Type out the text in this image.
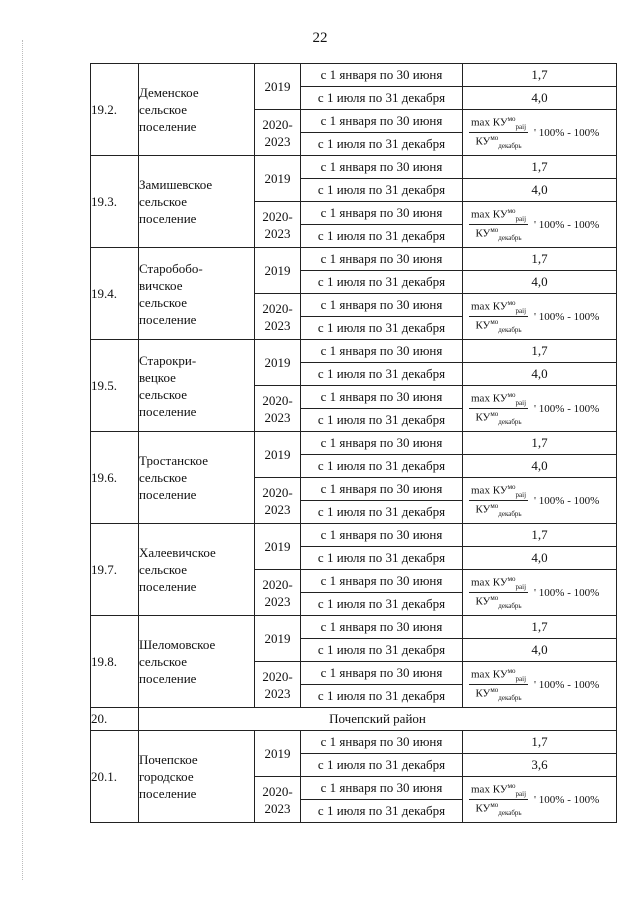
22
19.2.	Деменское
сельское
поселение	2019	с 1 января по 30 июня	1,7
			с 1 июля по 31 декабря	4,0
		2020-
2023	с 1 января по 30 июня	$\frac{\max КУ^{мо}_{раij}}{КУ^{мо}_{декабрь}}$ ' 100% - 100%

			с 1 июля по 31 декабря	
19.3.	Замишевское
сельское
поселение	2019	с 1 января по 30 июня	1,7
			с 1 июля по 31 декабря	4,0
		2020-
2023	с 1 января по 30 июня	$\frac{\max КУ^{мо}_{раij}}{КУ^{мо}_{декабрь}}$ ' 100% - 100%

			с 1 июля по 31 декабря	
19.4.	Старобобо-
вичское
сельское
поселение	2019	с 1 января по 30 июня	1,7
			с 1 июля по 31 декабря	4,0
		2020-
2023	с 1 января по 30 июня	$\frac{\max КУ^{мо}_{раij}}{КУ^{мо}_{декабрь}}$ ' 100% - 100%

			с 1 июля по 31 декабря	
19.5.	Старокри-
вецкое
сельское
поселение	2019	с 1 января по 30 июня	1,7
			с 1 июля по 31 декабря	4,0
		2020-
2023	с 1 января по 30 июня	$\frac{\max КУ^{мо}_{раij}}{КУ^{мо}_{декабрь}}$ ' 100% - 100%

			с 1 июля по 31 декабря	
19.6.	Тростанское
сельское
поселение	2019	с 1 января по 30 июня	1,7
			с 1 июля по 31 декабря	4,0
		2020-
2023	с 1 января по 30 июня	$\frac{\max КУ^{мо}_{раij}}{КУ^{мо}_{декабрь}}$ ' 100% - 100%

			с 1 июля по 31 декабря	
19.7.	Халеевичское
сельское
поселение	2019	с 1 января по 30 июня	1,7
			с 1 июля по 31 декабря	4,0
		2020-
2023	с 1 января по 30 июня	$\frac{\max КУ^{мо}_{раij}}{КУ^{мо}_{декабрь}}$ ' 100% - 100%

			с 1 июля по 31 декабря	
19.8.	Шеломовское
сельское
поселение	2019	с 1 января по 30 июня	1,7
			с 1 июля по 31 декабря	4,0
		2020-
2023	с 1 января по 30 июня	$\frac{\max КУ^{мо}_{раij}}{КУ^{мо}_{декабрь}}$ ' 100% - 100%

			с 1 июля по 31 декабря	
20.	Почепский район			
20.1.	Почепское
городское
поселение	2019	с 1 января по 30 июня	1,7
			с 1 июля по 31 декабря	3,6
		2020-
2023	с 1 января по 30 июня	$\frac{\max КУ^{мо}_{раij}}{КУ^{мо}_{декабрь}}$ ' 100% - 100%

			с 1 июля по 31 декабря	
